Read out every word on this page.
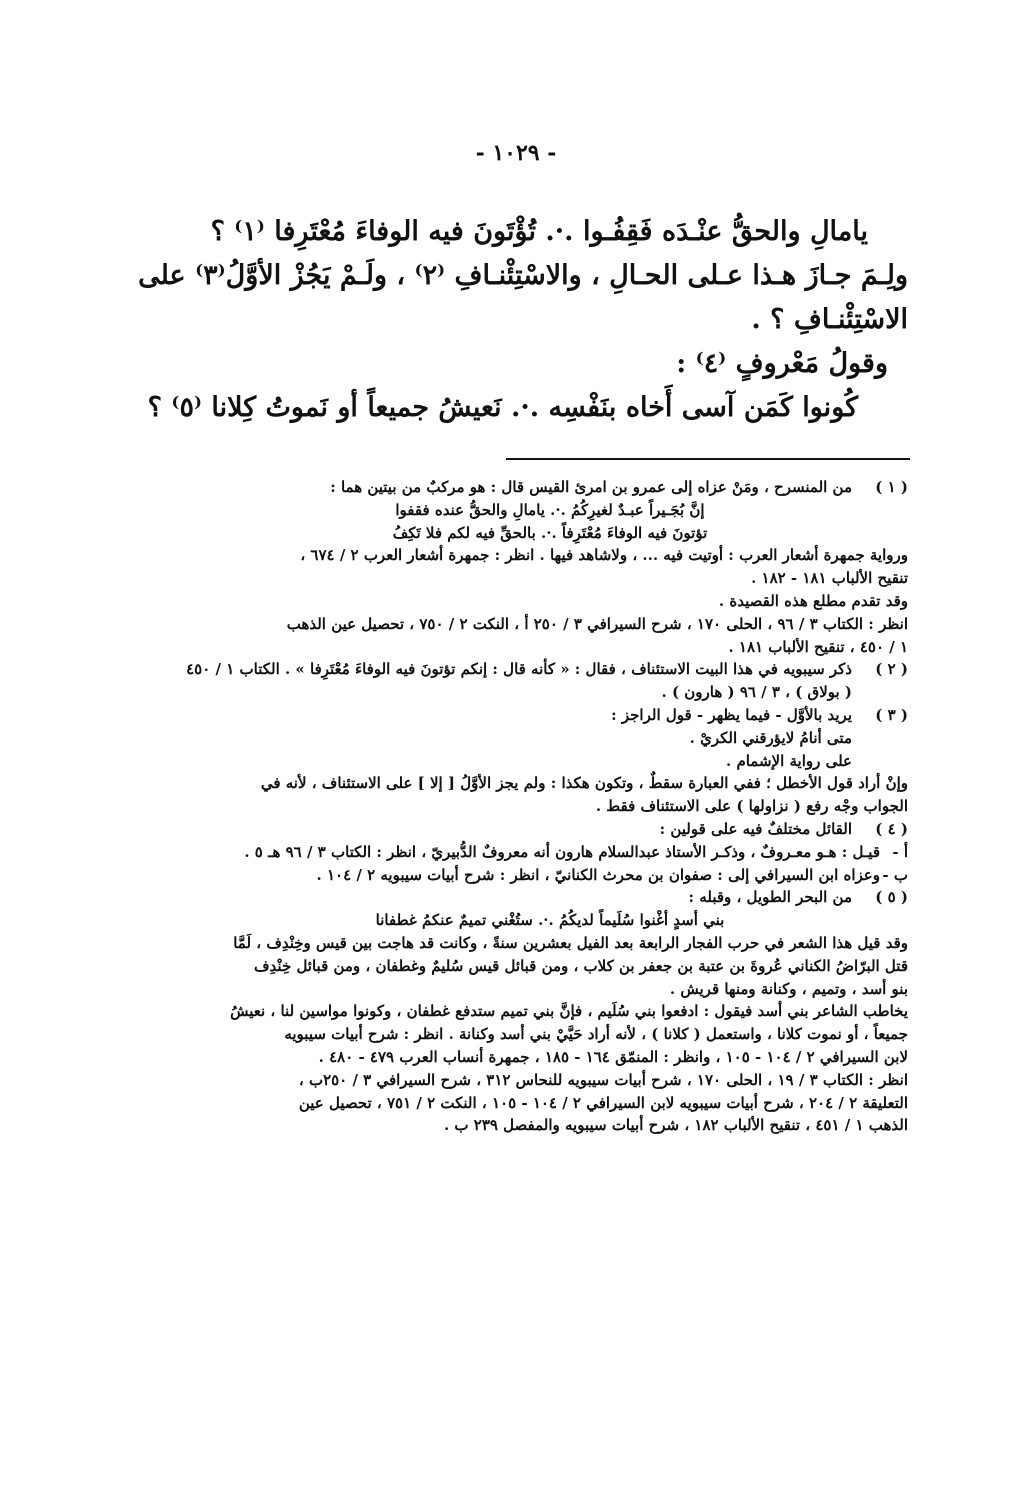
- ١٠٢٩ -
يامالِ والحقُّ عنْـدَه فَقِفُـوا .·. تُؤْتَونَ فيه الوفاءَ مُعْتَرِفا ⁽١⁾ ؟
ولِـمَ جـازَ هـذا عـلى الحـالِ ، والاسْتِئْنـافِ ⁽٢⁾ ، ولَـمْ يَجُزْ الأوَّلُ⁽٣⁾ على
الاسْتِئْنـافِ ؟ .
وقولُ مَعْروفٍ ⁽٤⁾ :
كُونوا كَمَن آسى أَخاه بنَفْسِه .·. نَعيشُ جميعاً أو نَموتُ كِلانا ⁽٥⁾ ؟
( ١ )
من المنسرح ، ومَنْ عزاه إلى عمرو بن امرئ القيس قال : هو مركبٌ من بيتين هما :
إنَّ بُجَـيراً عبـدٌ لغيرِكُمُ .·. يامالِ والحقُّ عنده فقفوا
تؤتونَ فيه الوفاءَ مُعْتَرِفاً .·. بالحقِّ فيه لكم فلا تَكِفُ
ورواية جمهرة أشعار العرب : أوتيت فيه ... ، ولاشاهد فيها . انظر : جمهرة أشعار العرب ٢ / ٦٧٤ ،
تنقيح الألباب ١٨١ - ١٨٢ .
وقد تقدم مطلع هذه القصيدة .
انظر : الكتاب ٣ / ٩٦ ، الحلى ١٧٠ ، شرح السيرافي ٣ / ٢٥٠ أ ، النكت ٢ / ٧٥٠ ، تحصيل عين الذهب
١ / ٤٥٠ ، تنقيح الألباب ١٨١ .
( ٢ )
ذكر سيبويه في هذا البيت الاستئناف ، فقال : « كأنه قال : إنكم تؤتونَ فيه الوفاءَ مُعْتَرِفا » . الكتاب ١ / ٤٥٠
( بولاق ) ، ٣ / ٩٦ ( هارون ) .
( ٣ )
يريد بالأوَّل - فيما يظهر - قول الراجز :
متى أنامُ لايؤرقني الكريْ .
على رواية الإشمام .
وإنْ أراد قول الأخطل ؛ ففي العبارة سقطٌ ، وتكون هكذا : ولم يجز الأوَّلُ [ إلا ] على الاستئناف ، لأنه في
الجواب وجْه رفع ( نزاولها ) على الاستئناف فقط .
( ٤ )
القائل مختلفٌ فيه على قولين :
أ -
قيـل : هـو معـروفٌ ، وذكـر الأستاذ عبدالسلام هارون أنه معروفٌ الدُّبيريّ ، انظر : الكتاب ٣ / ٩٦ هـ ٥ .
ب -
وعزاه ابن السيرافي إلى : صفوان بن محرث الكنانيّ ، انظر : شرح أبيات سيبويه ٢ / ١٠٤ .
( ٥ )
من البحر الطويل ، وقبله :
بني أسدٍ أغْنوا سُلَيماً لديكُمُ .·. ستُغْني تميمٌ عنكمُ غطفانا
وقد قيل هذا الشعر في حرب الفجار الرابعة بعد الفيل بعشرين سنةً ، وكانت قد هاجت بين قيس وخِنْدِف ، لَمَّا
قتل البرّاضُ الكناني عُروةَ بن عتبة بن جعفر بن كلاب ، ومن قبائل قيس سُليمٌ وغطفان ، ومن قبائل خِنْدِف
بنو أسد ، وتميم ، وكنانة ومنها قريش .
يخاطب الشاعر بني أسد فيقول : ادفعوا بني سُلَيم ، فإنَّ بني تميم ستدفع غطفان ، وكونوا مواسين لنا ، نعيشُ
جميعاً ، أو نموت كلانا ، واستعمل ( كلانا ) ، لأنه أراد حَيَّيْ بني أسد وكنانة . انظر : شرح أبيات سيبويه
لابن السيرافي ٢ / ١٠٤ - ١٠٥ ، وانظر : المنمّق ١٦٤ - ١٨٥ ، جمهرة أنساب العرب ٤٧٩ - ٤٨٠ .
انظر : الكتاب ٣ / ١٩ ، الحلى ١٧٠ ، شرح أبيات سيبويه للنحاس ٣١٢ ، شرح السيرافي ٣ / ٢٥٠ب ،
التعليقة ٢ / ٢٠٤ ، شرح أبيات سيبويه لابن السيرافي ٢ / ١٠٤ - ١٠٥ ، النكت ٢ / ٧٥١ ، تحصيل عين
الذهب ١ / ٤٥١ ، تنقيح الألباب ١٨٢ ، شرح أبيات سيبويه والمفصل ٢٣٩ ب .
